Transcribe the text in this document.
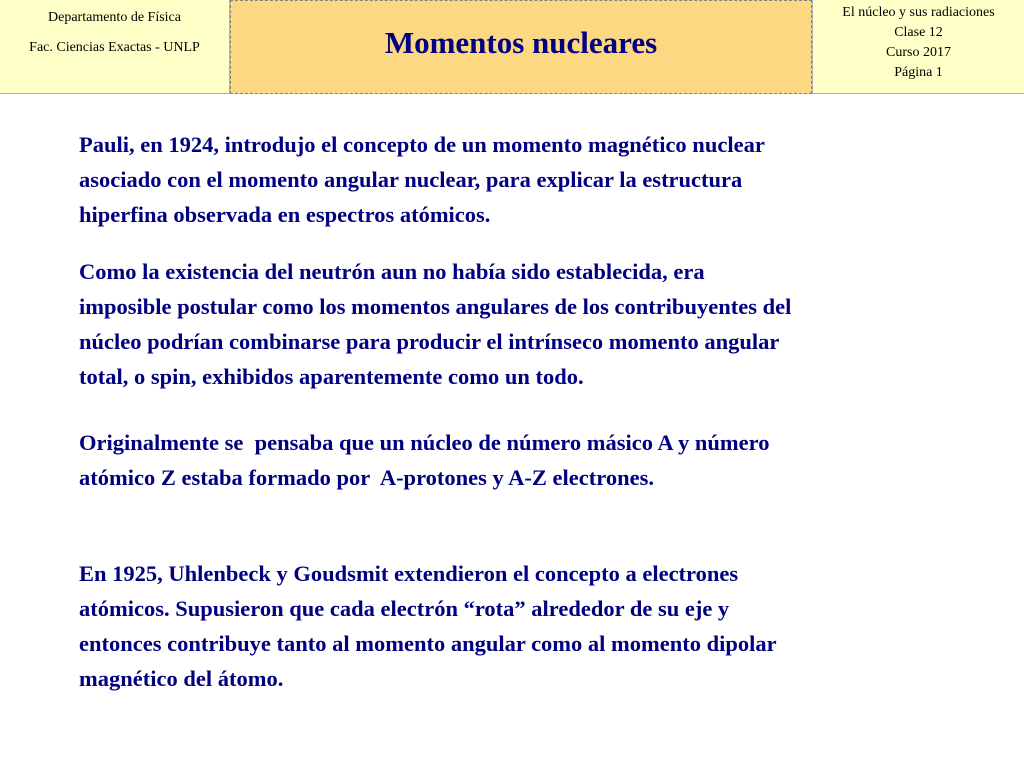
Departamento de Física
Fac. Ciencias Exactas - UNLP	Momentos nucleares
El núcleo y sus radiaciones
Clase 12
Curso 2017
Página 1
Pauli, en 1924, introdujo el concepto de un momento magnético nuclear
asociado con el momento angular nuclear, para explicar la estructura
hiperfina observada en espectros atómicos.
Como la existencia del neutrón aun no había sido establecida, era
imposible postular como los momentos angulares de los contribuyentes del
núcleo podrían combinarse para producir el intrínseco momento angular
total, o spin, exhibidos aparentemente como un todo.
Originalmente se  pensaba que un núcleo de número másico A y número
atómico Z estaba formado por  A-protones y A-Z electrones.
En 1925, Uhlenbeck y Goudsmit extendieron el concepto a electrones
atómicos. Supusieron que cada electrón “rota” alrededor de su eje y
entonces contribuye tanto al momento angular como al momento dipolar
magnético del átomo.
